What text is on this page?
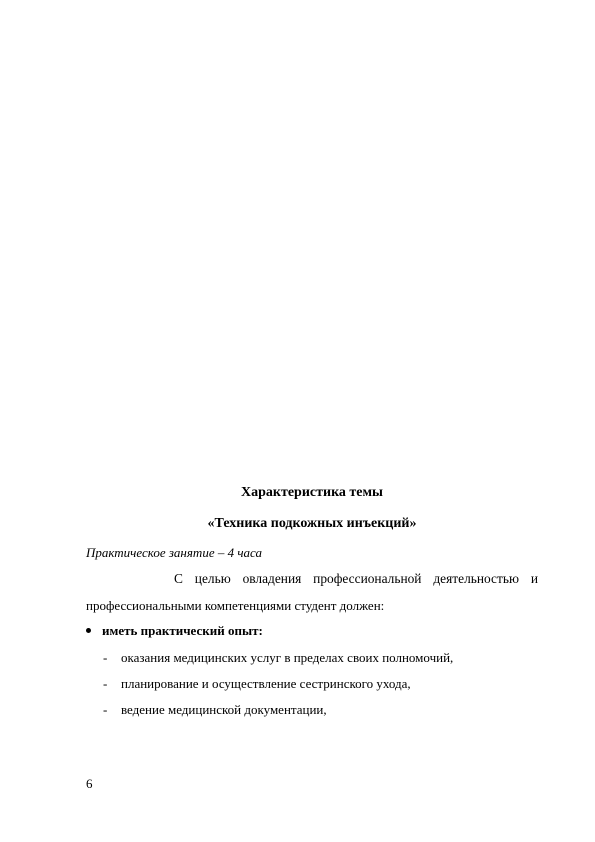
Характеристика темы
«Техника подкожных инъекций»
Практическое занятие – 4 часа
С целью овладения профессиональной деятельностью и
профессиональными компетенциями студент должен:
иметь практический опыт:
- оказания медицинских услуг в пределах своих полномочий,
- планирование и осуществление сестринского ухода,
- ведение медицинской документации,
6
